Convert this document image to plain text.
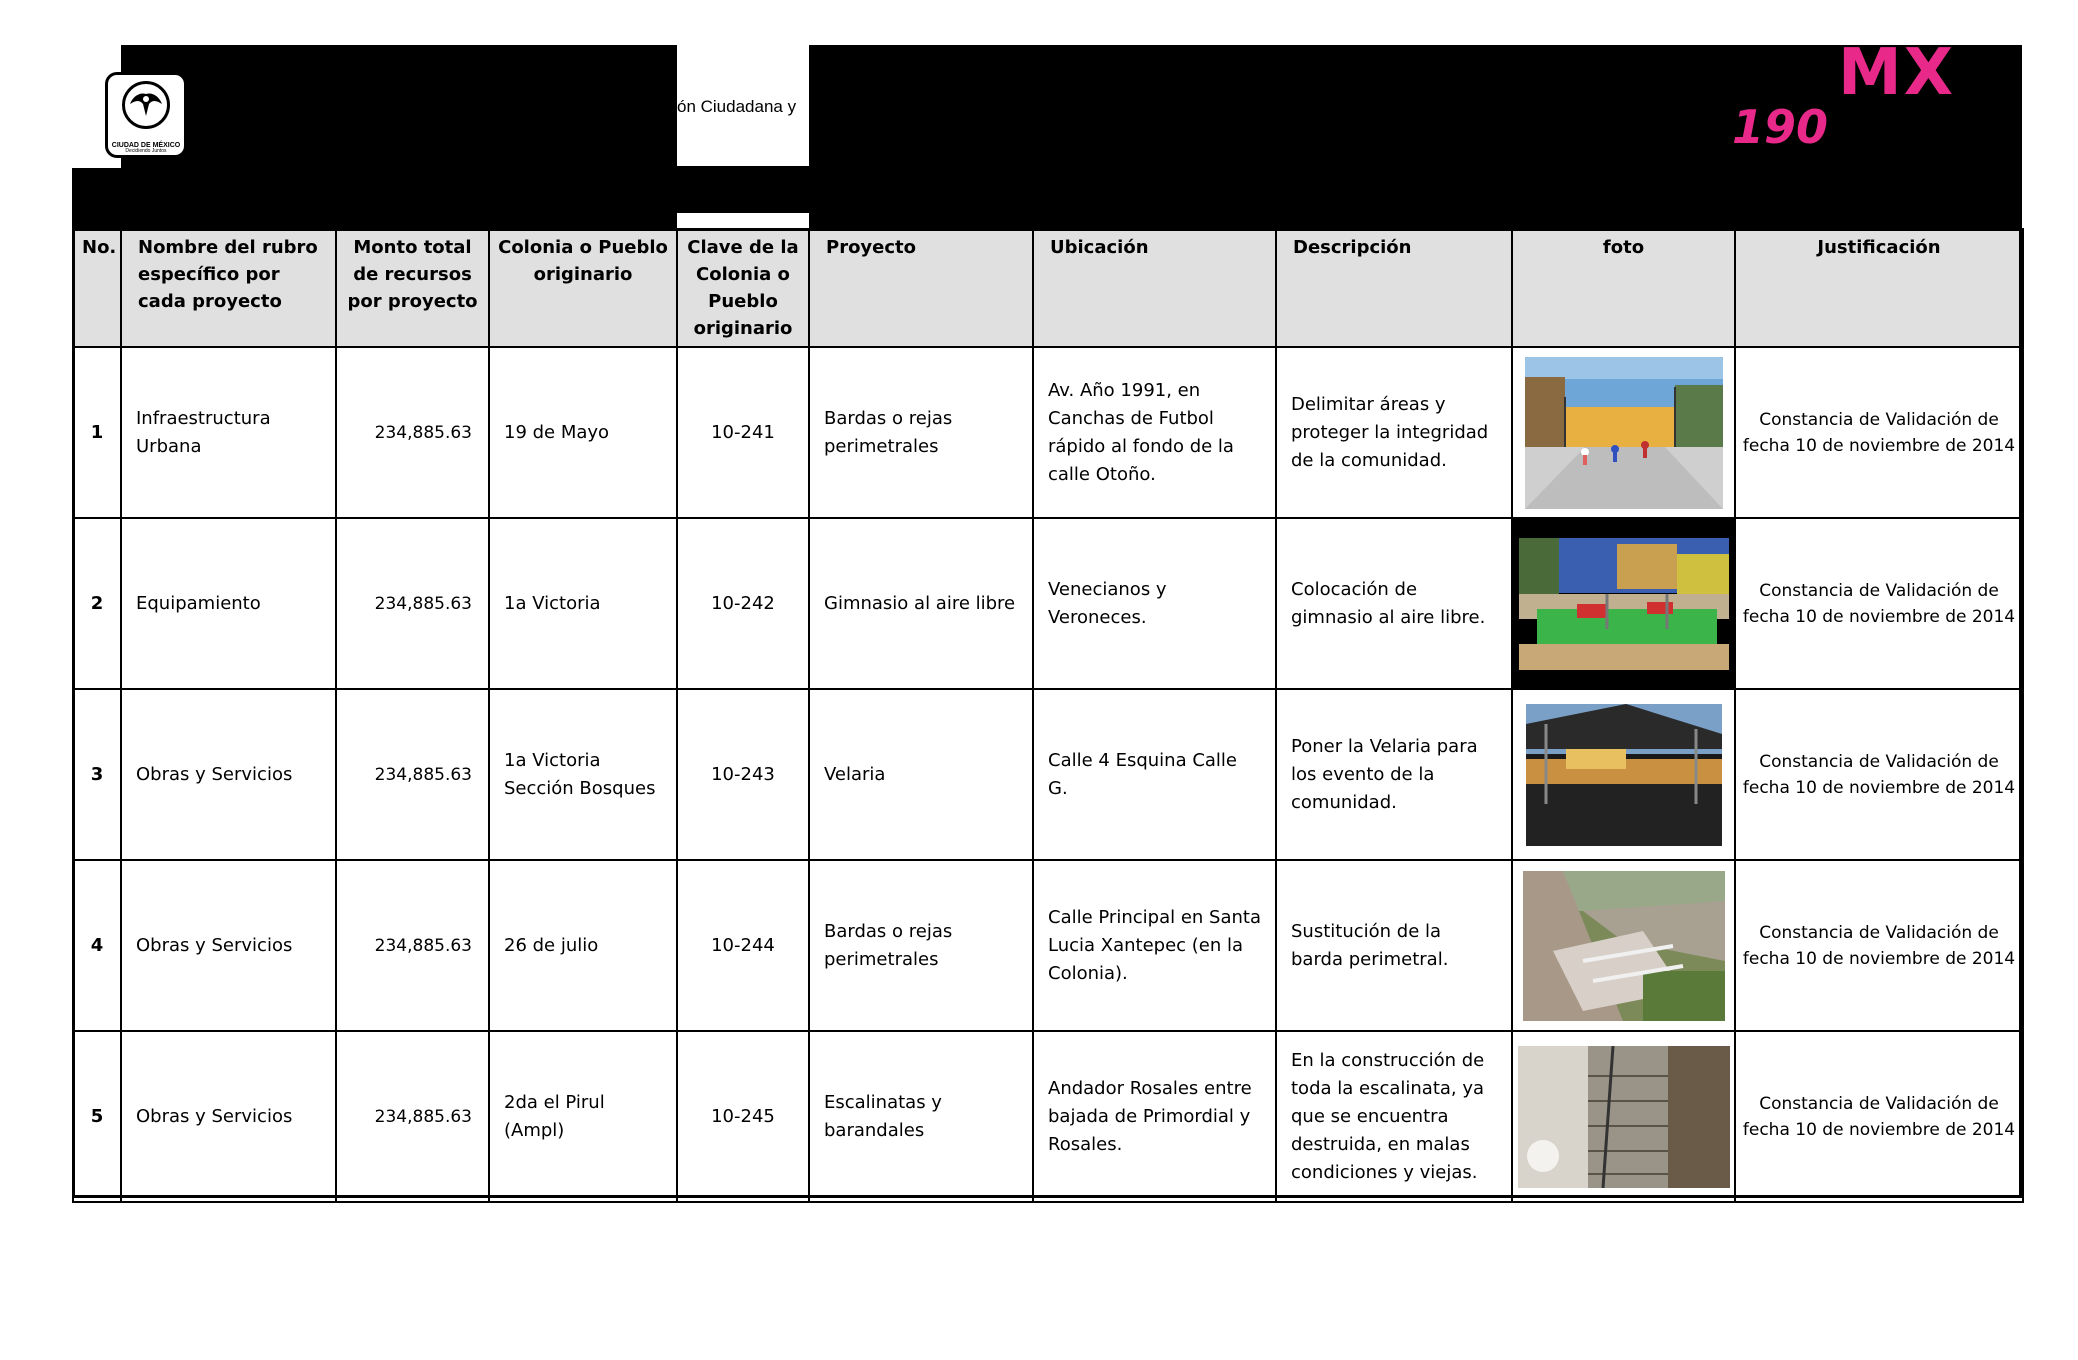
CIUDAD DE MÉXICO
Decidiendo Juntos
ón Ciudadana y	MX
190
No.	Nombre del rubro específico por cada proyecto	Monto total de recursos por proyecto	Colonia o Pueblo originario	Clave de la Colonia o Pueblo originario	Proyecto	Ubicación	Descripción	foto	Justificación
1	Infraestructura Urbana	234,885.63	19 de Mayo	10-241	Bardas o rejas perimetrales	Av. Año 1991, en Canchas de Futbol rápido al fondo de la calle Otoño.	Delimitar áreas y proteger la integridad de la comunidad.		Constancia de Validación de fecha 10 de noviembre de 2014
2	Equipamiento	234,885.63	1a Victoria	10-242	Gimnasio al aire libre	Venecianos y Veroneces.	Colocación de gimnasio al aire libre.		Constancia de Validación de fecha 10 de noviembre de 2014
3	Obras y Servicios	234,885.63	1a Victoria Sección Bosques	10-243	Velaria	Calle 4 Esquina Calle G.	Poner la Velaria para los evento de la comunidad.		Constancia de Validación de fecha 10 de noviembre de 2014
4	Obras y Servicios	234,885.63	26 de julio	10-244	Bardas o rejas perimetrales	Calle Principal en Santa Lucia Xantepec (en la Colonia).	Sustitución de la barda perimetral.		Constancia de Validación de fecha 10 de noviembre de 2014
5	Obras y Servicios	234,885.63	2da el Pirul (Ampl)	10-245	Escalinatas y barandales	Andador Rosales entre bajada de Primordial y Rosales.	En la construcción de toda la escalinata, ya que se encuentra destruida, en malas condiciones y viejas.		Constancia de Validación de fecha 10 de noviembre de 2014
